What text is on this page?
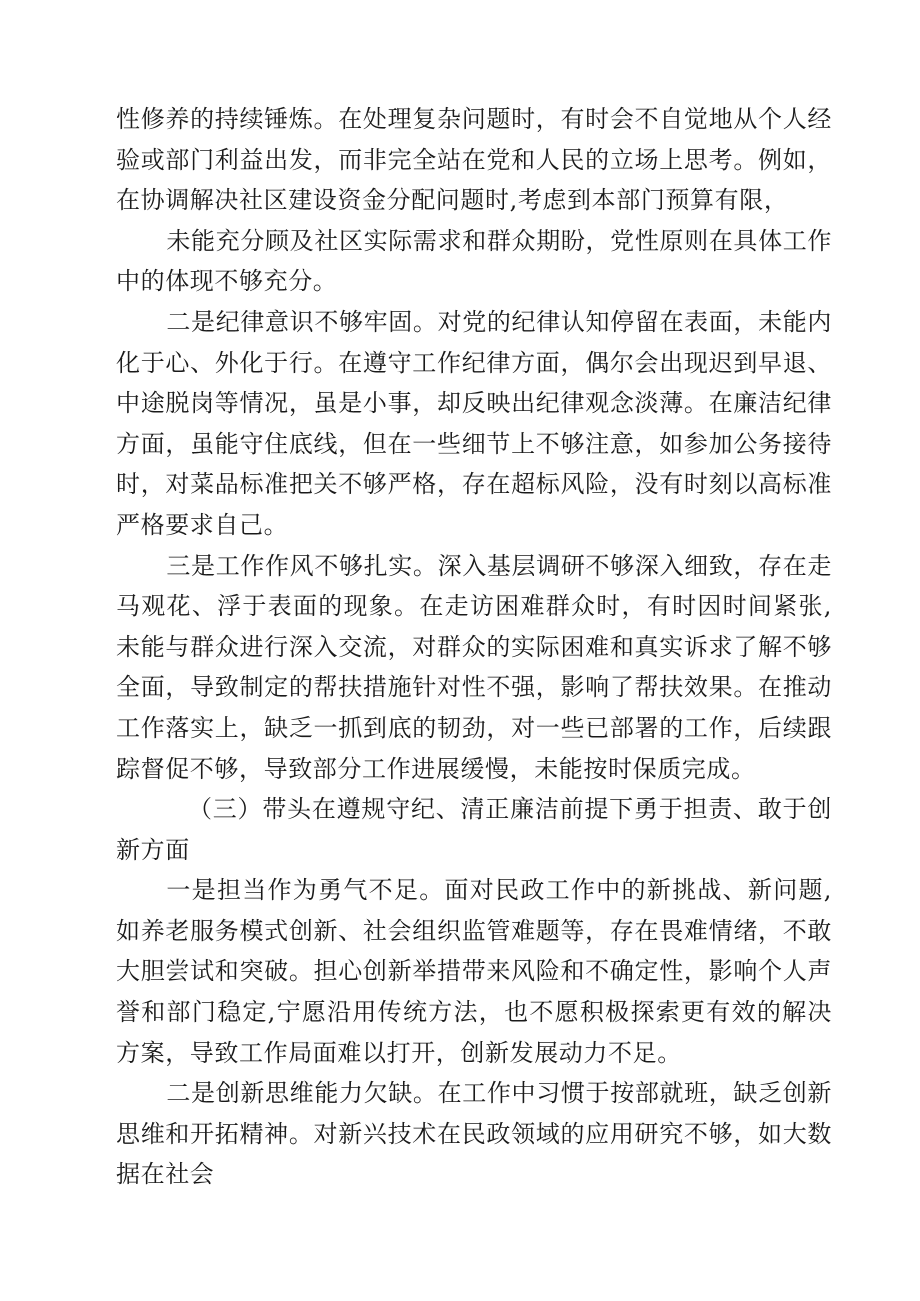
性修养的持续锤炼。在处理复杂问题时，有时会不自觉地从个人经验或部门利益出发，而非完全站在党和人民的立场上思考。例如，在协调解决社区建设资金分配问题时,考虑到本部门预算有限，

未能充分顾及社区实际需求和群众期盼，党性原则在具体工作中的体现不够充分。

二是纪律意识不够牢固。对党的纪律认知停留在表面，未能内化于心、外化于行。在遵守工作纪律方面，偶尔会出现迟到早退、中途脱岗等情况，虽是小事，却反映出纪律观念淡薄。在廉洁纪律方面，虽能守住底线，但在一些细节上不够注意，如参加公务接待时，对菜品标准把关不够严格，存在超标风险，没有时刻以高标准严格要求自己。

三是工作作风不够扎实。深入基层调研不够深入细致，存在走马观花、浮于表面的现象。在走访困难群众时，有时因时间紧张,未能与群众进行深入交流，对群众的实际困难和真实诉求了解不够全面，导致制定的帮扶措施针对性不强，影响了帮扶效果。在推动工作落实上，缺乏一抓到底的韧劲，对一些已部署的工作，后续跟踪督促不够，导致部分工作进展缓慢，未能按时保质完成。

（三）带头在遵规守纪、清正廉洁前提下勇于担责、敢于创新方面

一是担当作为勇气不足。面对民政工作中的新挑战、新问题,如养老服务模式创新、社会组织监管难题等，存在畏难情绪，不敢大胆尝试和突破。担心创新举措带来风险和不确定性，影响个人声誉和部门稳定,宁愿沿用传统方法，也不愿积极探索更有效的解决方案，导致工作局面难以打开，创新发展动力不足。

二是创新思维能力欠缺。在工作中习惯于按部就班，缺乏创新思维和开拓精神。对新兴技术在民政领域的应用研究不够，如大数据在社会
